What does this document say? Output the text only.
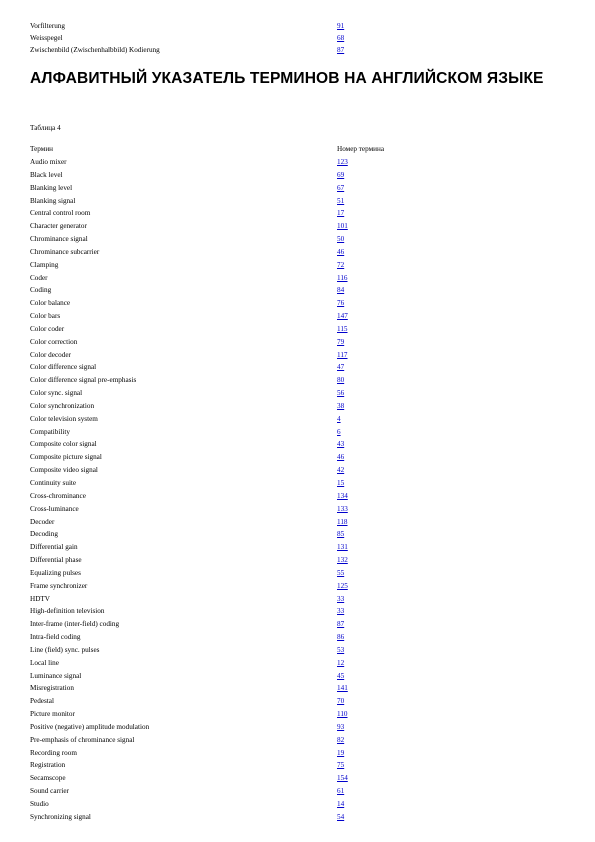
Vorfilterung	91
Weisspegel	68
Zwischenbild (Zwischenhalbbild) Kodierung	87
АЛФАВИТНЫЙ УКАЗАТЕЛЬ ТЕРМИНОВ НА АНГЛИЙСКОМ ЯЗЫКЕ
Таблица 4
Термин	Номер термина
Audio mixer	123
Black level	69
Blanking level	67
Blanking signal	51
Central control room	17
Character generator	101
Chrominance signal	50
Chrominance subcarrier	46
Clamping	72
Coder	116
Coding	84
Color balance	76
Color bars	147
Color coder	115
Color correction	79
Color decoder	117
Color difference signal	47
Color difference signal pre-emphasis	80
Color sync. signal	56
Color synchronization	38
Color television system	4
Compatibility	6
Composite color signal	43
Composite picture signal	46
Composite video signal	42
Continuity suite	15
Cross-chrominance	134
Cross-luminance	133
Decoder	118
Decoding	85
Differential gain	131
Differential phase	132
Equalizing pulses	55
Frame synchronizer	125
HDTV	33
High-definition television	33
Inter-frame (inter-field) coding	87
Intra-field coding	86
Line (field) sync. pulses	53
Local line	12
Luminance signal	45
Misregistration	141
Pedestal	70
Picture monitor	110
Positive (negative) amplitude modulation	93
Pre-emphasis of chrominance signal	82
Recording room	19
Registration	75
Secamscope	154
Sound carrier	61
Studio	14
Synchronizing signal	54
